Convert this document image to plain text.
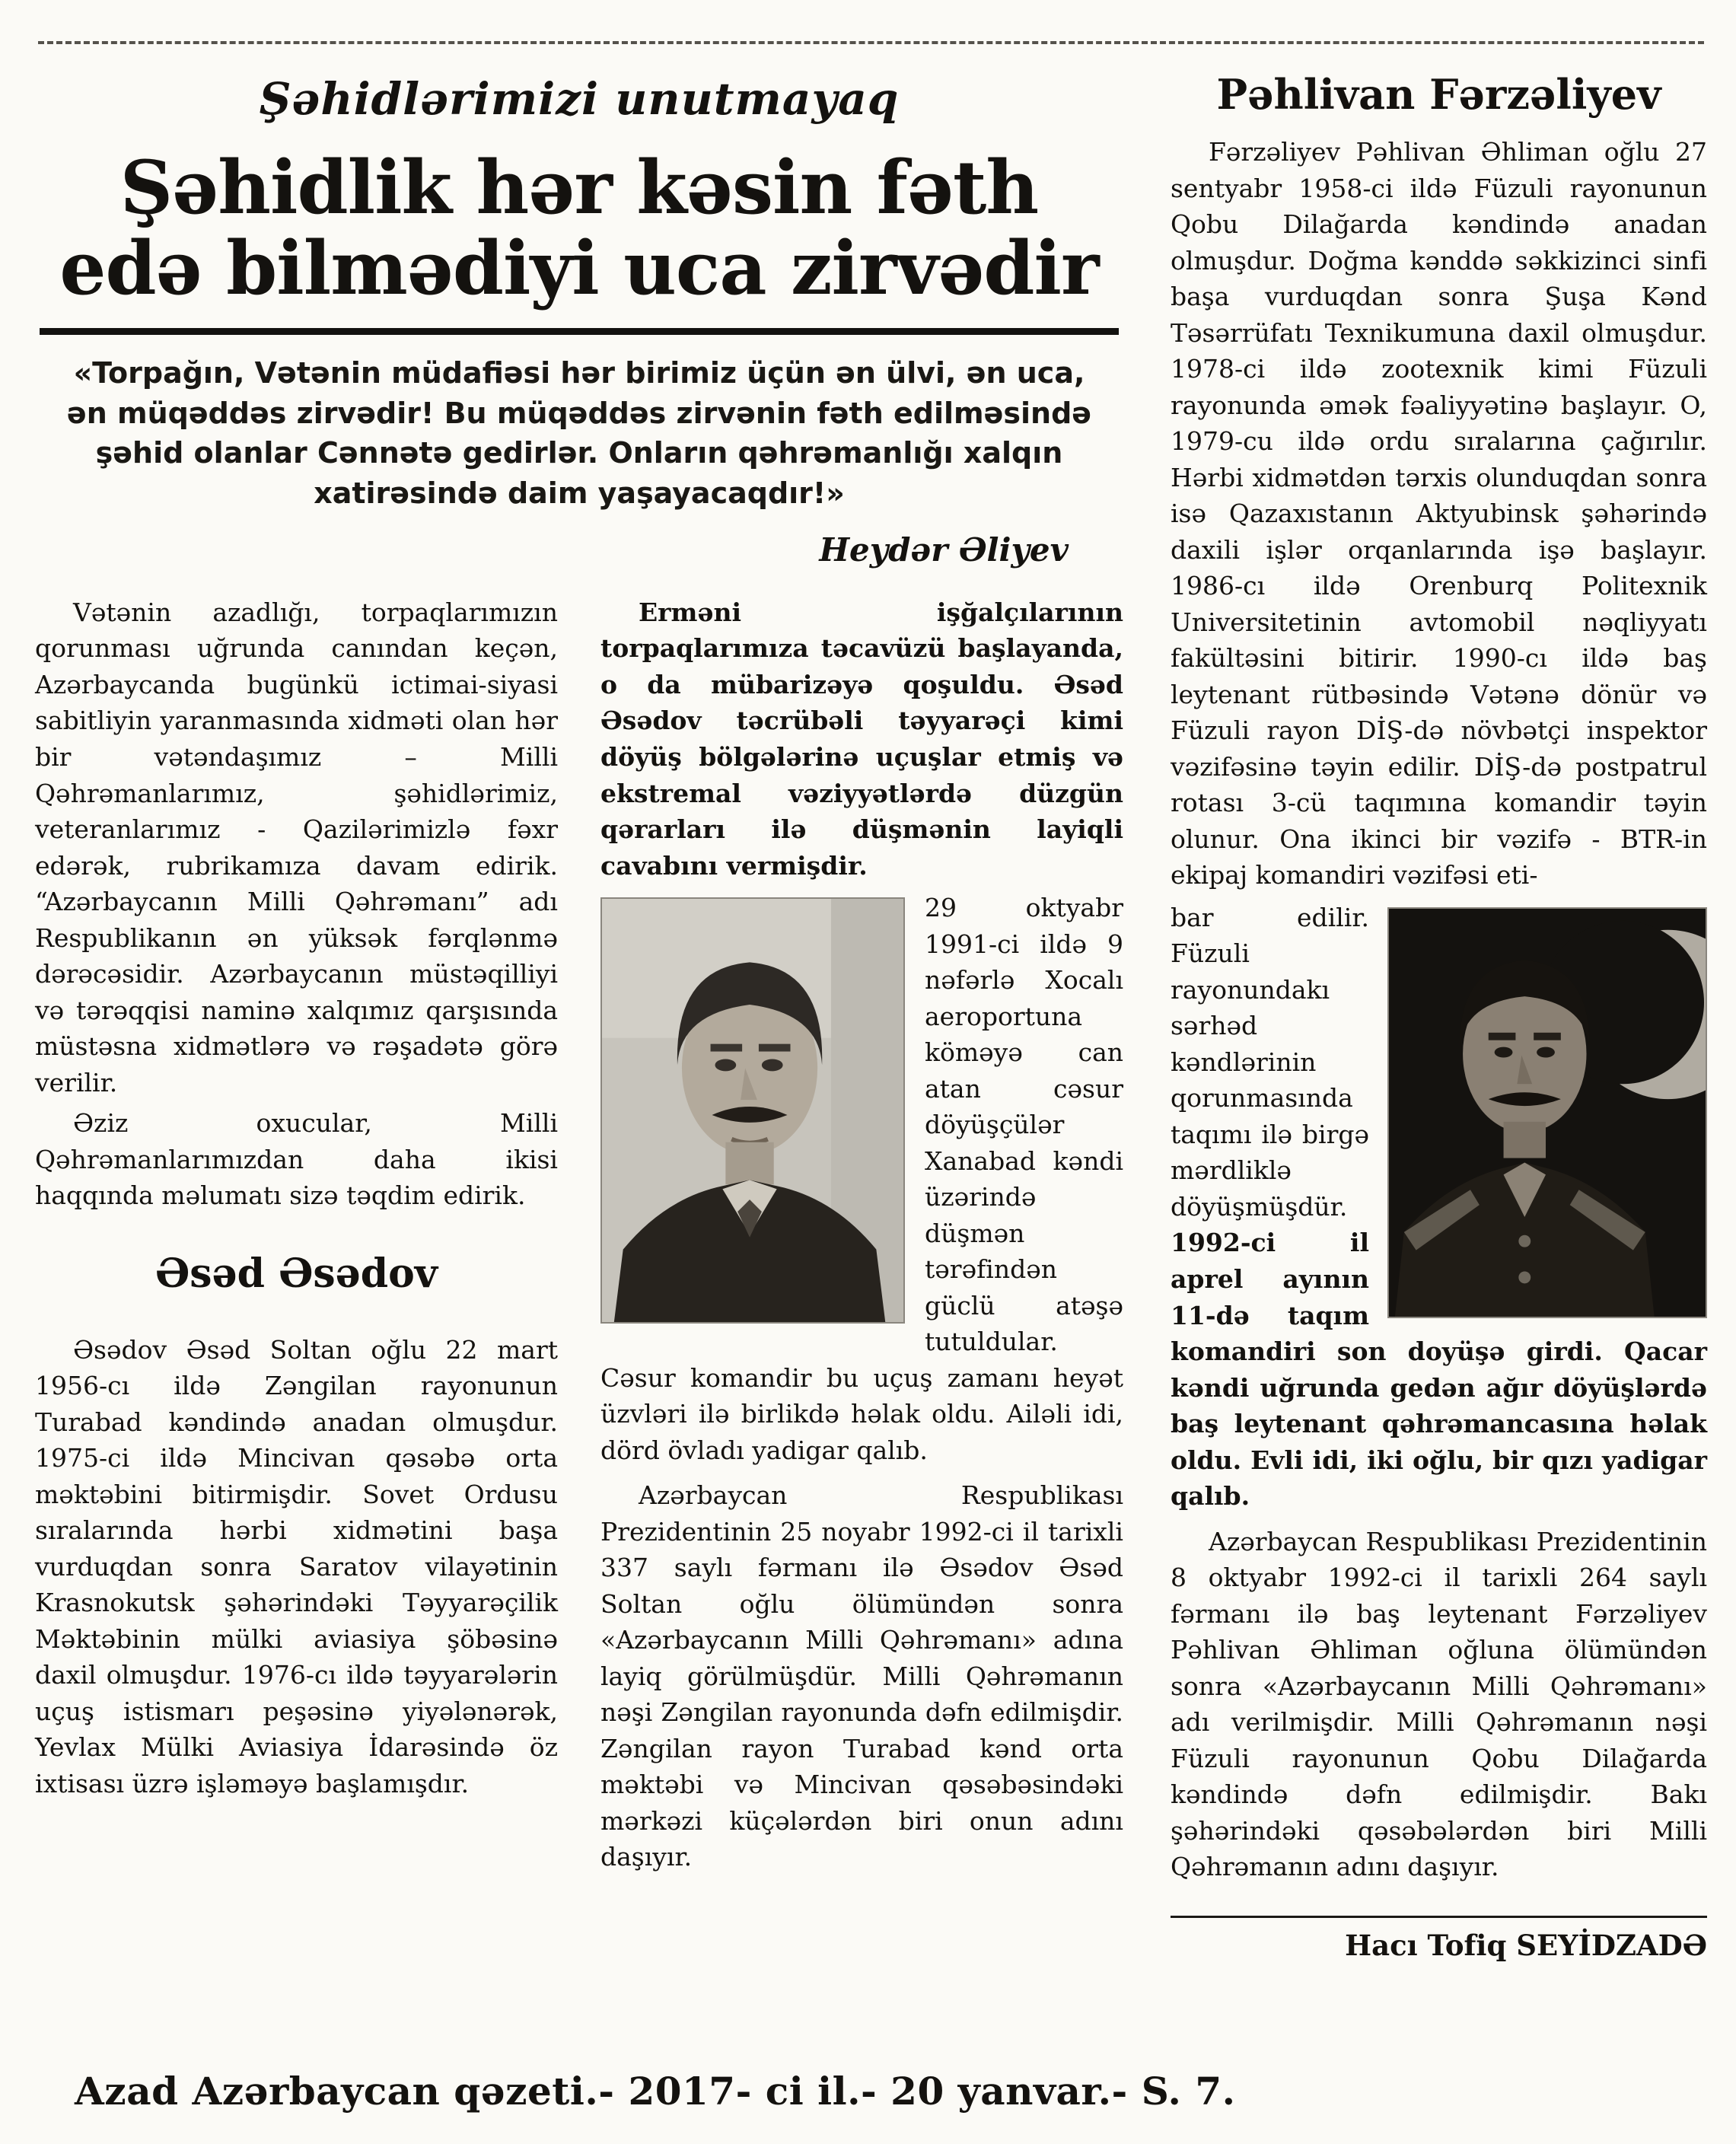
Şəhidlərimizi unutmayaq
Şəhidlik hər kəsin fəth
edə bilmədiyi uca zirvədir

«Torpağın, Vətənin müdafiəsi hər birimiz üçün ən ülvi, ən uca, ən müqəddəs zirvədir! Bu müqəddəs zirvənin fəth edilməsində şəhid olanlar Cənnətə gedirlər. Onların qəhrəmanlığı xalqın xatirəsində daim yaşayacaqdır!»

Heydər Əliyev

Vətənin azadlığı, torpaqlarımızın qorunması uğrunda canından keçən, Azərbaycanda bugünkü ictimai-siyasi sabitliyin yaranmasında xidməti olan hər bir vətəndaşımız – Milli Qəhrəmanlarımız, şəhidlərimiz, veteranlarımız - Qazilərimizlə fəxr edərək, rubrikamıza davam edirik. “Azərbaycanın Milli Qəhrəmanı” adı Respublikanın ən yüksək fərqlənmə dərəcəsidir. Azərbaycanın müstəqilliyi və tərəqqisi naminə xalqımız qarşısında müstəsna xidmətlərə və rəşadətə görə verilir.

Əziz oxucular, Milli Qəhrəmanlarımızdan daha ikisi haqqında məlumatı sizə təqdim edirik.

Əsəd Əsədov

Əsədov Əsəd Soltan oğlu 22 mart 1956-cı ildə Zəngilan rayonunun Turabad kəndində anadan olmuşdur. 1975-ci ildə Mincivan qəsəbə orta məktəbini bitirmişdir. Sovet Ordusu sıralarında hərbi xidmətini başa vurduqdan sonra Saratov vilayətinin Krasnokutsk şəhərindəki Təyyarəçilik Məktəbinin mülki aviasiya şöbəsinə daxil olmuşdur. 1976-cı ildə təyyarələrin uçuş istismarı peşəsinə yiyələnərək, Yevlax Mülki Aviasiya İdarəsində öz ixtisası üzrə işləməyə başlamışdır.

Erməni işğalçılarının torpaqlarımıza təcavüzü başlayanda, o da mübarizəyə qoşuldu. Əsəd Əsədov təcrübəli təyyarəçi kimi döyüş bölgələrinə uçuşlar etmiş və ekstremal vəziyyətlərdə düzgün qərarları ilə düşmənin layiqli cavabını vermişdir.

29 oktyabr 1991-ci ildə 9 nəfərlə Xocalı aeroportuna köməyə can atan cəsur döyüşçülər Xanabad kəndi üzərində düşmən tərəfindən güclü atəşə tutuldular. Cəsur komandir bu uçuş zamanı heyət üzvləri ilə birlikdə həlak oldu. Ailəli idi, dörd övladı yadigar qalıb.

Azərbaycan Respublikası Prezidentinin 25 noyabr 1992-ci il tarixli 337 saylı fərmanı ilə Əsədov Əsəd Soltan oğlu ölümündən sonra «Azərbaycanın Milli Qəhrəmanı» adına layiq görülmüşdür. Milli Qəhrəmanın nəşi Zəngilan rayonunda dəfn edilmişdir. Zəngilan rayon Turabad kənd orta məktəbi və Mincivan qəsəbəsindəki mərkəzi küçələrdən biri onun adını daşıyır.

Pəhlivan Fərzəliyev

Fərzəliyev Pəhlivan Əhliman oğlu 27 sentyabr 1958-ci ildə Füzuli rayonunun Qobu Dilağarda kəndində anadan olmuşdur. Doğma kənddə səkkizinci sinfi başa vurduqdan sonra Şuşa Kənd Təsərrüfatı Texnikumuna daxil olmuşdur. 1978-ci ildə zootexnik kimi Füzuli rayonunda əmək fəaliyyətinə başlayır. O, 1979-cu ildə ordu sıralarına çağırılır. Hərbi xidmətdən tərxis olunduqdan sonra isə Qazaxıstanın Aktyubinsk şəhərində daxili işlər orqanlarında işə başlayır. 1986-cı ildə Orenburq Politexnik Universitetinin avtomobil nəqliyyatı fakültəsini bitirir. 1990-cı ildə baş leytenant rütbəsində Vətənə dönür və Füzuli rayon DİŞ-də növbətçi inspektor vəzifəsinə təyin edilir. DİŞ-də postpatrul rotası 3-cü taqımına komandir təyin olunur. Ona ikinci bir vəzifə - BTR-in ekipaj komandiri vəzifəsi eti-

bar edilir. Füzuli rayonundakı sərhəd kəndlərinin qorunmasında taqımı ilə birgə mərdliklə döyüşmüşdür. 1992-ci il aprel ayının 11-də taqım komandiri son doyüşə girdi. Qacar kəndi uğrunda gedən ağır döyüşlərdə baş leytenant qəhrəmancasına həlak oldu. Evli idi, iki oğlu, bir qızı yadigar qalıb.

Azərbaycan Respublikası Prezidentinin 8 oktyabr 1992-ci il tarixli 264 saylı fərmanı ilə baş leytenant Fərzəliyev Pəhlivan Əhliman oğluna ölümündən sonra «Azərbaycanın Milli Qəhrəmanı» adı verilmişdir. Milli Qəhrəmanın nəşi Füzuli rayonunun Qobu Dilağarda kəndində dəfn edilmişdir. Bakı şəhərindəki qəsəbələrdən biri Milli Qəhrəmanın adını daşıyır.

Hacı Tofiq SEYİDZADƏ
Azad Azərbaycan qəzeti.- 2017- ci il.- 20 yanvar.- S. 7.
